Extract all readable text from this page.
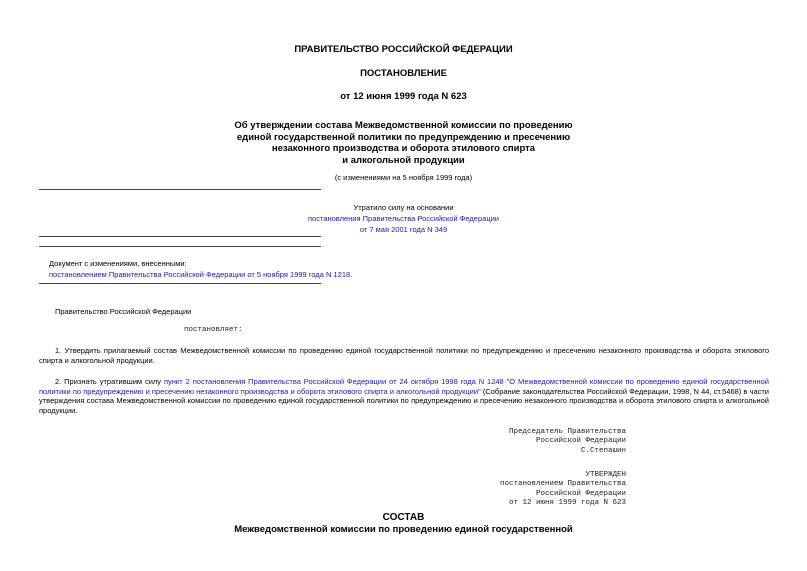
ПРАВИТЕЛЬСТВО РОССИЙСКОЙ ФЕДЕРАЦИИ
ПОСТАНОВЛЕНИЕ
от 12 июня 1999 года N 623
Об утверждении состава Межведомственной комиссии по проведению
единой государственной политики по предупреждению и пресечению
незаконного производства и оборота этилового спирта
и алкогольной продукции
(с изменениями на 5 ноября 1999 года)
Утратило силу на основании
постановления Правительства Российской Федерации
от 7 мая 2001 года N 349
Документ с изменениями, внесенными:
постановлением Правительства Российской Федерации от 5 ноября 1999 года N 1218.
Правительство Российской Федерации
постановляет:
1. Утвердить прилагаемый состав Межведомственной комиссии по проведению единой государственной политики по предупреждению и пресечению незаконного производства и оборота этилового спирта и алкогольной продукции.
2. Признать утратившим силу пункт 2 постановления Правительства Российской Федерации от 24 октября 1998 года N 1248 "О Межведомственной комиссии по проведению единой государственной политики по предупреждению и пресечению незаконного производства и оборота этилового спирта и алкогольной продукции" (Собрание законодательства Российской Федерации, 1998, N 44, ст.5468) в части утверждения состава Межведомственной комиссии по проведению единой государственной политики по предупреждению и пресечению незаконного производства и оборота этилового спирта и алкогольной продукции.
Председатель Правительства
Российской Федерации
С.Степашин
УТВЕРЖДЕН
постановлением Правительства
Российской Федерации
от 12 июня 1999 года N 623
СОСТАВ
Межведомственной комиссии по проведению единой государственной
